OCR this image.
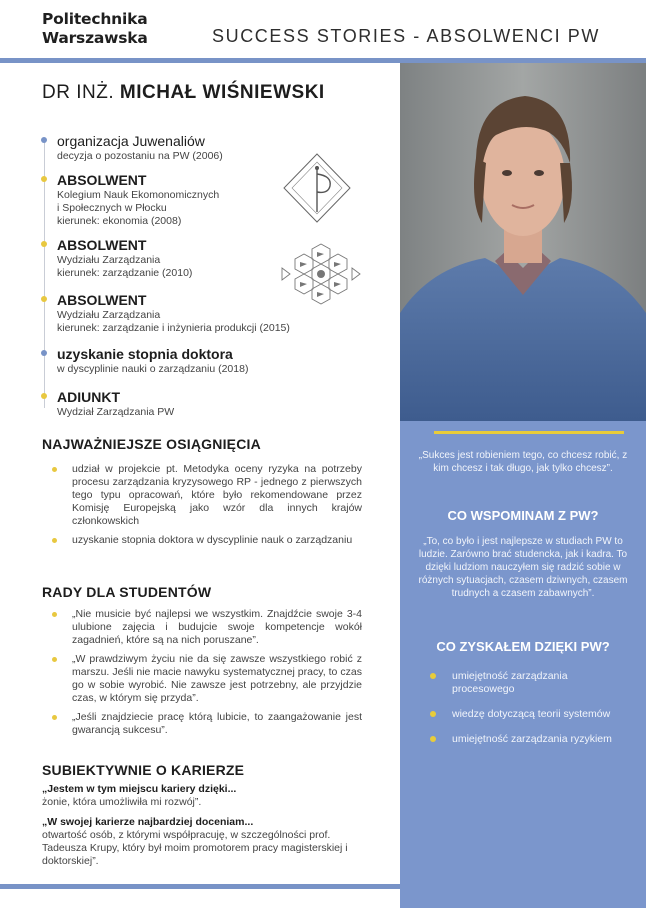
Politechnika
Warszawska	SUCCESS STORIES - ABSOLWENCI PW
„Sukces jest robieniem tego, co chcesz robić, z kim chcesz i tak długo, jak tylko chcesz”.
CO WSPOMINAM Z PW?
„To, co było i jest najlepsze w studiach PW to ludzie. Zarówno brać studencka, jak i kadra. To dzięki ludziom nauczyłem się radzić sobie w różnych sytuacjach, czasem dziwnych, czasem trudnych a czasem zabawnych”.
CO ZYSKAŁEM DZIĘKI PW?
umiejętność zarządzania procesowego
wiedzę dotyczącą teorii systemów
umiejętność zarządzania ryzykiem
DR INŻ. MICHAŁ WIŚNIEWSKI
organizacja Juwenaliów
decyzja o pozostaniu na PW (2006)
ABSOLWENT
Kolegium Nauk Ekomonomicznych
i Społecznych w Płocku
kierunek: ekonomia (2008)
ABSOLWENT
Wydziału Zarządzania
kierunek: zarządzanie (2010)
ABSOLWENT
Wydziału Zarządzania
kierunek: zarządzanie i inżynieria produkcji (2015)
uzyskanie stopnia doktora
w dyscyplinie nauki o zarządzaniu (2018)
ADIUNKT
Wydział Zarządzania PW
NAJWAŻNIEJSZE OSIĄGNIĘCIA
udział w projekcie pt. Metodyka oceny ryzyka na potrzeby procesu zarządzania kryzysowego RP - jednego z pierwszych tego typu opracowań, które było rekomendowane przez Komisję Europejską jako wzór dla innych krajów członkowskich
uzyskanie stopnia doktora w dyscyplinie nauk o zarządzaniu
RADY DLA STUDENTÓW
„Nie musicie być najlepsi we wszystkim. Znajdźcie swoje 3-4 ulubione zajęcia i budujcie swoje kompetencje wokół zagadnień, które są na nich poruszane”.
„W prawdziwym życiu nie da się zawsze wszystkiego robić z marszu. Jeśli nie macie nawyku systematycznej pracy, to czas go w sobie wyrobić. Nie zawsze jest potrzebny, ale przyjdzie czas, w którym się przyda”.
„Jeśli znajdziecie pracę którą lubicie, to zaangażowanie jest gwarancją sukcesu”.
SUBIEKTYWNIE O KARIERZE
„Jestem w tym miejscu kariery dzięki...
żonie, która umożliwiła mi rozwój”.
„W swojej karierze najbardziej doceniam...
otwartość osób, z którymi współpracuję, w szczególności prof. Tadeusza Krupy, który był moim promotorem pracy magisterskiej i doktorskiej”.
